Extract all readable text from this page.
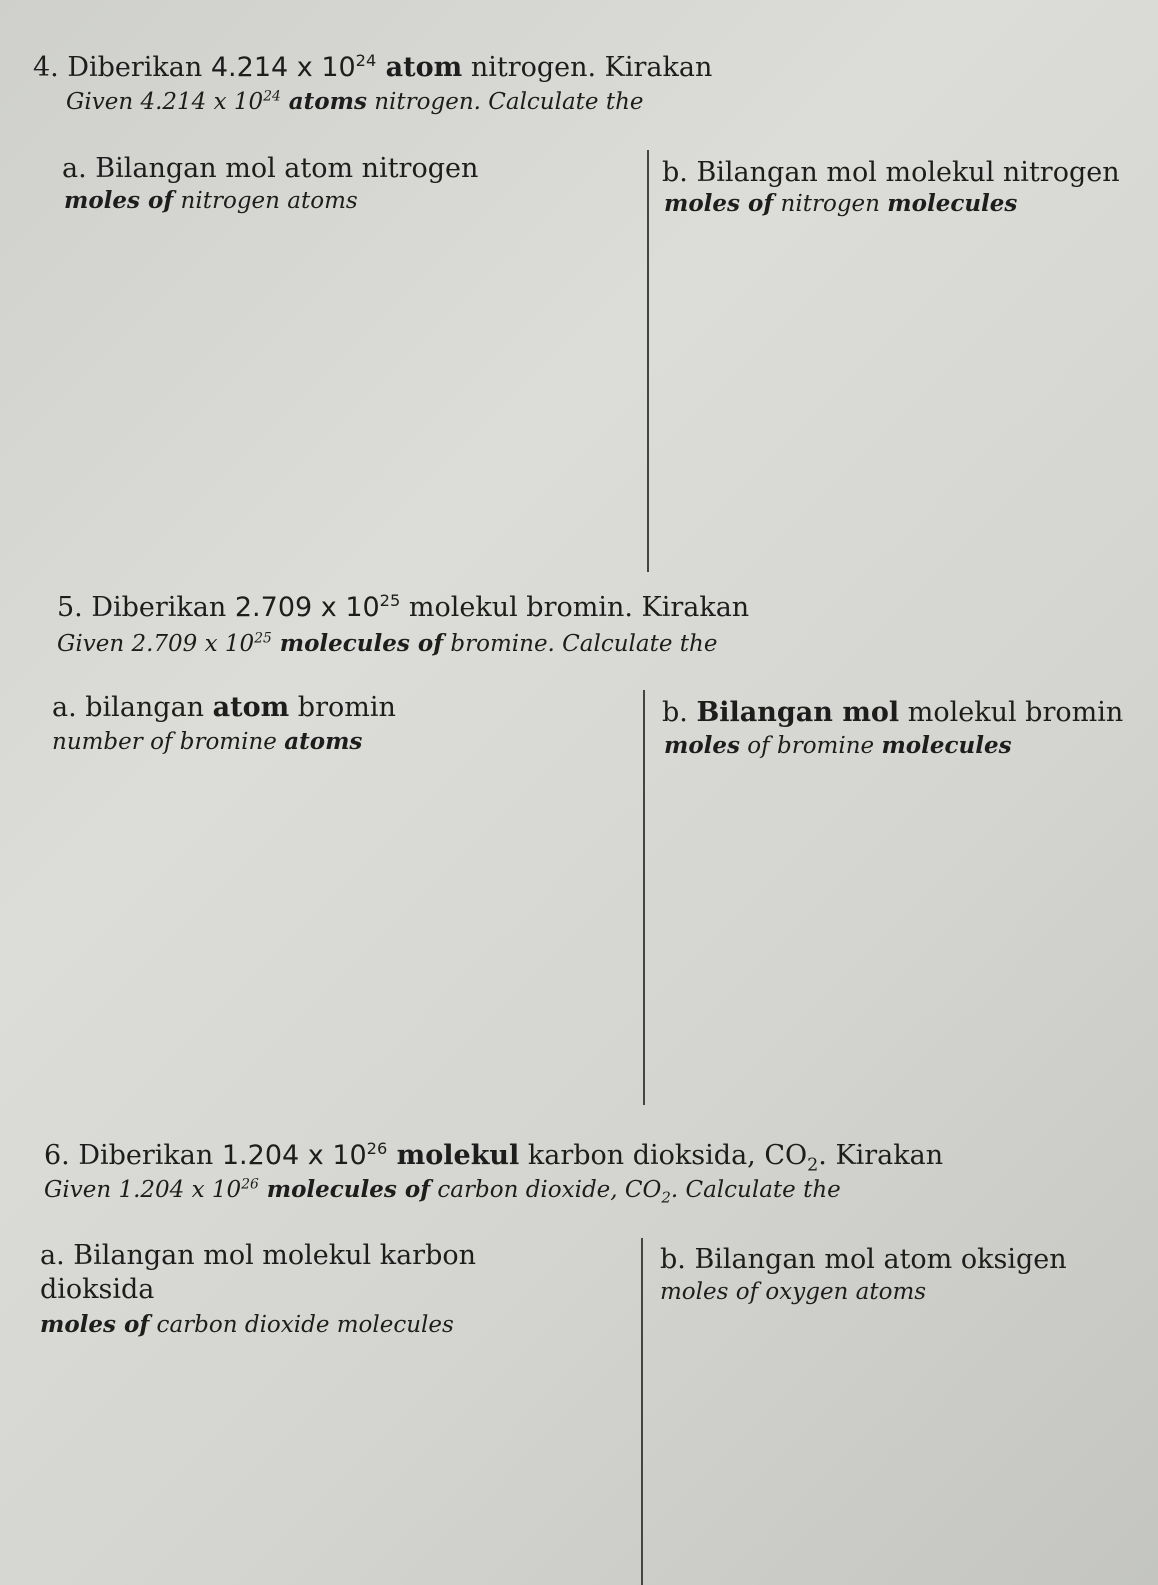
4. Diberikan 4.214 x $10^{24}$ atom nitrogen. Kirakan
Given 4.214 x $10^{24}$ atoms nitrogen. Calculate the
a. Bilangan mol atom nitrogen
moles of nitrogen atoms
b. Bilangan mol molekul nitrogen
moles of nitrogen molecules
5. Diberikan 2.709 x $10^{25}$ molekul bromin. Kirakan
Given 2.709 x $10^{25}$ molecules of bromine. Calculate the
a. bilangan atom bromin
number of bromine atoms
b. Bilangan mol molekul bromin
moles of bromine molecules
6. Diberikan 1.204 x $10^{26}$ molekul karbon dioksida, $CO_2$. Kirakan
Given 1.204 x $10^{26}$ molecules of carbon dioxide, $CO_2$. Calculate the
a. Bilangan mol molekul karbon
dioksida
moles of carbon dioxide molecules
b. Bilangan mol atom oksigen
moles of oxygen atoms
